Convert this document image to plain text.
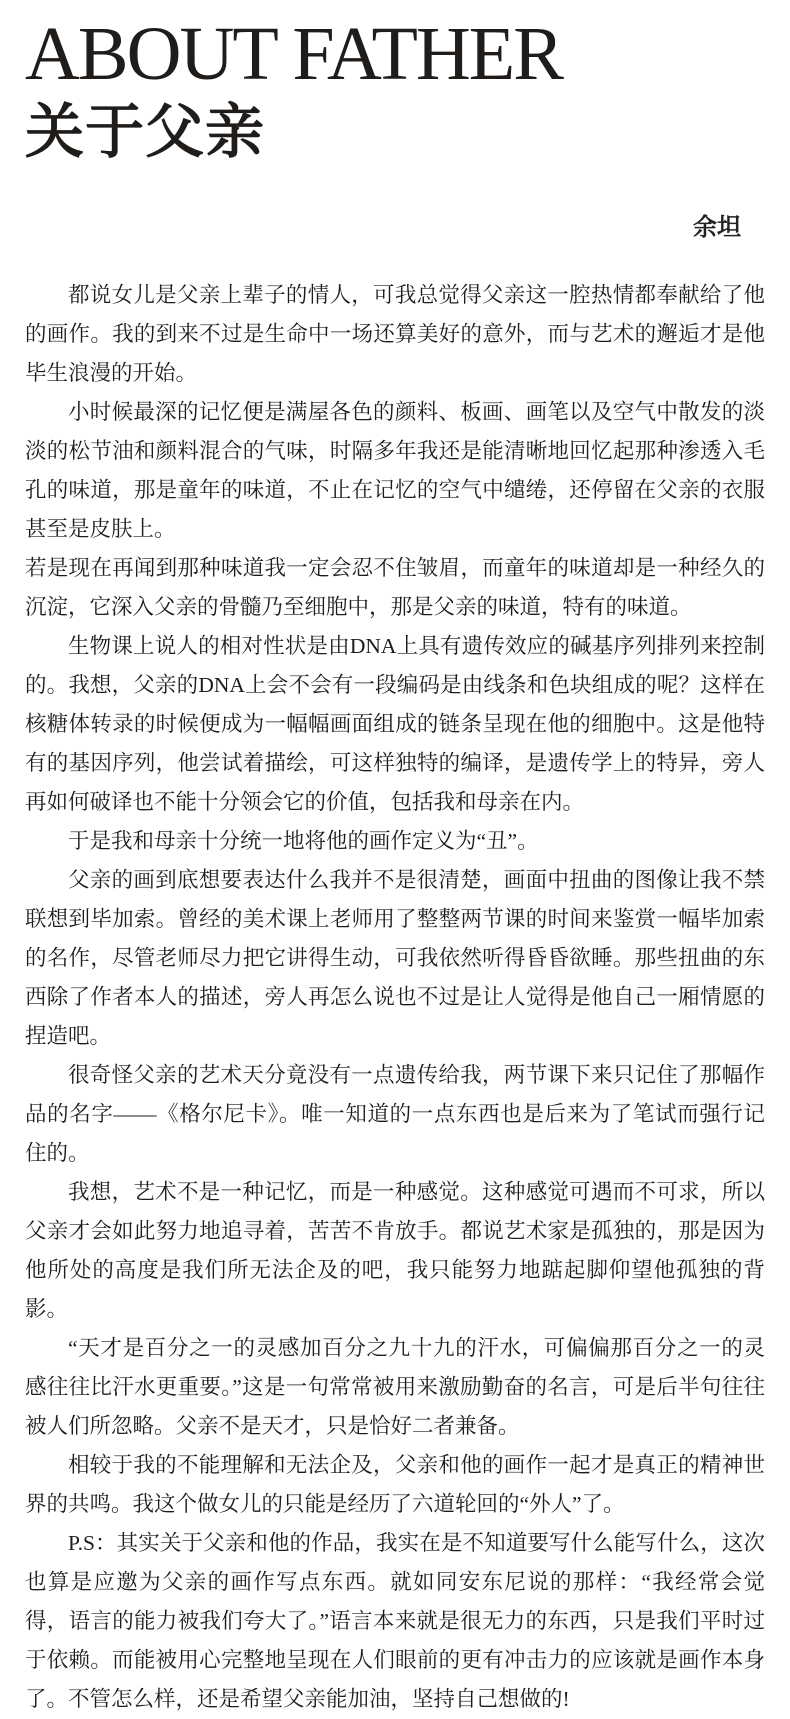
ABOUT FATHER
关于父亲
余坦

都说女儿是父亲上辈子的情人，可我总觉得父亲这一腔热情都奉献给了他的画作。我的到来不过是生命中一场还算美好的意外，而与艺术的邂逅才是他毕生浪漫的开始。

小时候最深的记忆便是满屋各色的颜料、板画、画笔以及空气中散发的淡淡的松节油和颜料混合的气味，时隔多年我还是能清晰地回忆起那种渗透入毛孔的味道，那是童年的味道，不止在记忆的空气中缱绻，还停留在父亲的衣服甚至是皮肤上。

若是现在再闻到那种味道我一定会忍不住皱眉，而童年的味道却是一种经久的沉淀，它深入父亲的骨髓乃至细胞中，那是父亲的味道，特有的味道。

生物课上说人的相对性状是由DNA上具有遗传效应的碱基序列排列来控制的。我想，父亲的DNA上会不会有一段编码是由线条和色块组成的呢？这样在核糖体转录的时候便成为一幅幅画面组成的链条呈现在他的细胞中。这是他特有的基因序列，他尝试着描绘，可这样独特的编译，是遗传学上的特异，旁人再如何破译也不能十分领会它的价值，包括我和母亲在内。

于是我和母亲十分统一地将他的画作定义为“丑”。

父亲的画到底想要表达什么我并不是很清楚，画面中扭曲的图像让我不禁联想到毕加索。曾经的美术课上老师用了整整两节课的时间来鉴赏一幅毕加索的名作，尽管老师尽力把它讲得生动，可我依然听得昏昏欲睡。那些扭曲的东西除了作者本人的描述，旁人再怎么说也不过是让人觉得是他自己一厢情愿的捏造吧。

很奇怪父亲的艺术天分竟没有一点遗传给我，两节课下来只记住了那幅作品的名字——《格尔尼卡》。唯一知道的一点东西也是后来为了笔试而强行记住的。

我想，艺术不是一种记忆，而是一种感觉。这种感觉可遇而不可求，所以父亲才会如此努力地追寻着，苦苦不肯放手。都说艺术家是孤独的，那是因为他所处的高度是我们所无法企及的吧，我只能努力地踮起脚仰望他孤独的背影。

“天才是百分之一的灵感加百分之九十九的汗水，可偏偏那百分之一的灵感往往比汗水更重要。”这是一句常常被用来激励勤奋的名言，可是后半句往往被人们所忽略。父亲不是天才，只是恰好二者兼备。

相较于我的不能理解和无法企及，父亲和他的画作一起才是真正的精神世界的共鸣。我这个做女儿的只能是经历了六道轮回的“外人”了。

P.S：其实关于父亲和他的作品，我实在是不知道要写什么能写什么，这次也算是应邀为父亲的画作写点东西。就如同安东尼说的那样：“我经常会觉得，语言的能力被我们夸大了。”语言本来就是很无力的东西，只是我们平时过于依赖。而能被用心完整地呈现在人们眼前的更有冲击力的应该就是画作本身了。不管怎么样，还是希望父亲能加油，坚持自己想做的!
